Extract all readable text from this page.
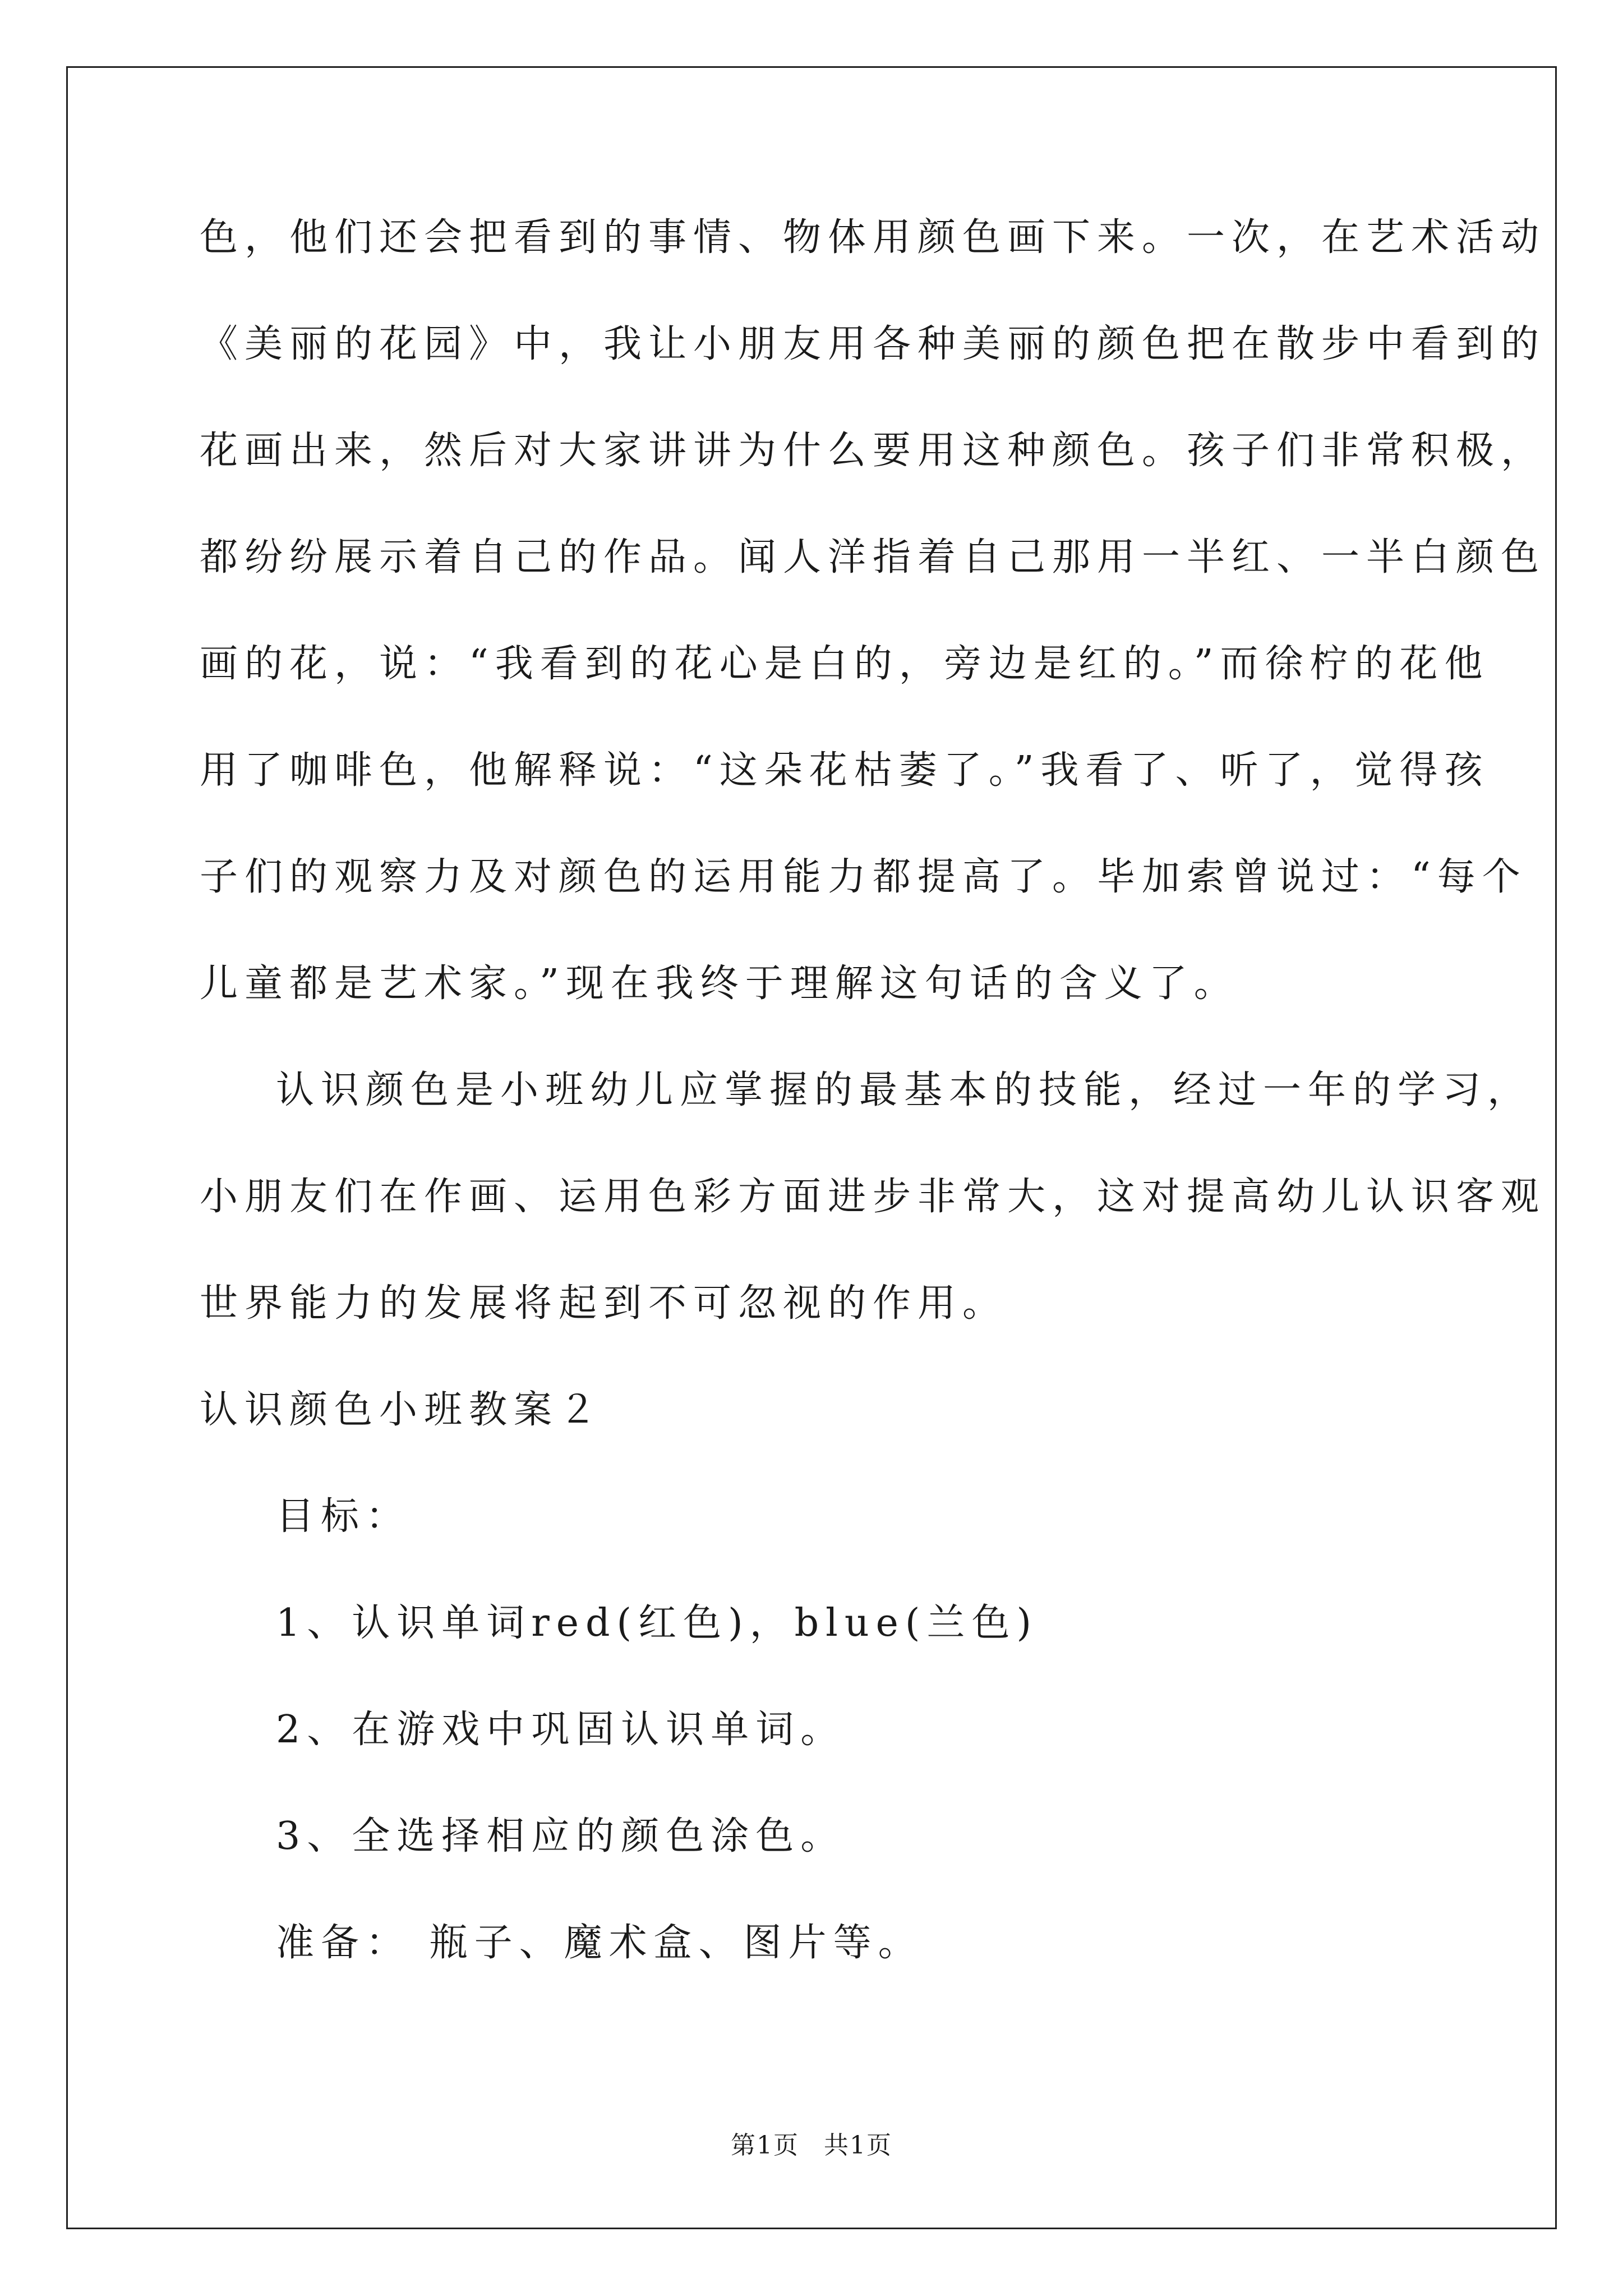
色，他们还会把看到的事情、物体用颜色画下来。一次，在艺术活动
《美丽的花园》中，我让小朋友用各种美丽的颜色把在散步中看到的
花画出来，然后对大家讲讲为什么要用这种颜色。孩子们非常积极，
都纷纷展示着自己的作品。闻人洋指着自己那用一半红、一半白颜色
画的花，说：“我看到的花心是白的，旁边是红的。”而徐柠的花他
用了咖啡色，他解释说：“这朵花枯萎了。”我看了、听了，觉得孩
子们的观察力及对颜色的运用能力都提高了。毕加索曾说过：“每个
儿童都是艺术家。”现在我终于理解这句话的含义了。
认识颜色是小班幼儿应掌握的最基本的技能，经过一年的学习，
小朋友们在作画、运用色彩方面进步非常大，这对提高幼儿认识客观
世界能力的发展将起到不可忽视的作用。
认识颜色小班教案２
目标：
1、认识单词red(红色)，blue(兰色)
2、在游戏中巩固认识单词。
3、全选择相应的颜色涂色。
准备： 瓶子、魔术盒、图片等。
第1页 共1页
